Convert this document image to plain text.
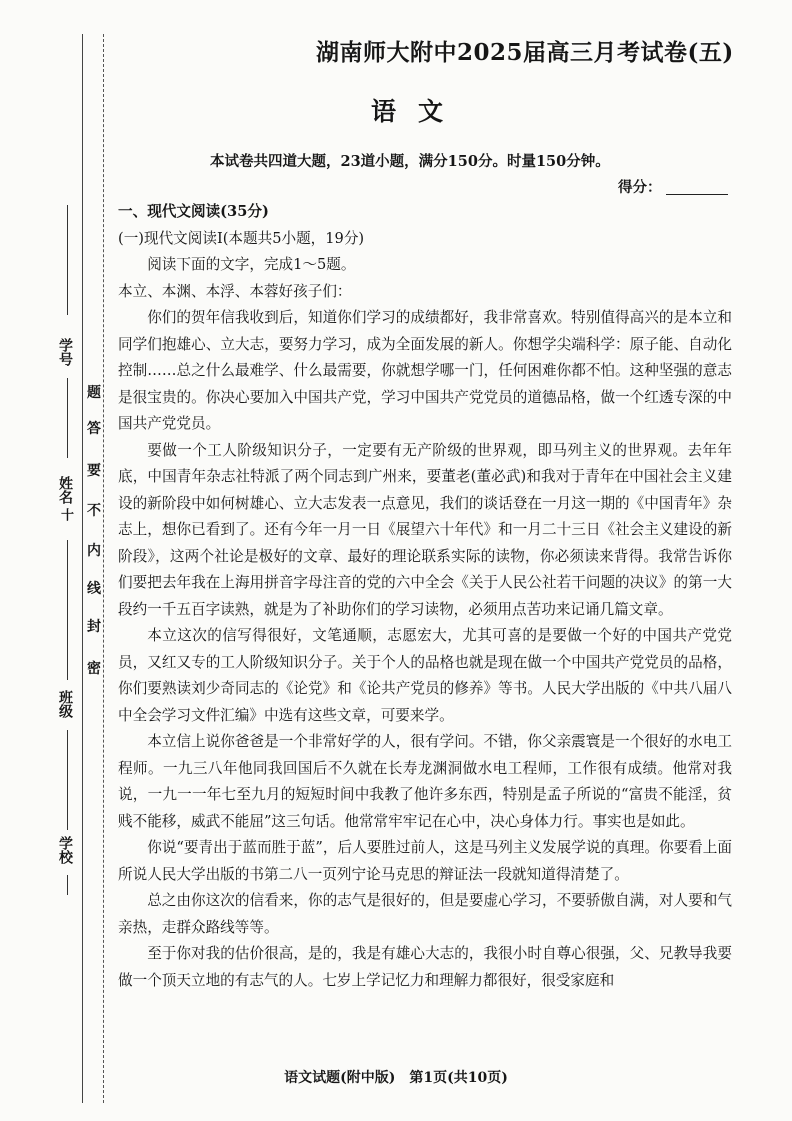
学号
十
姓名
班级
学校
题
答
要
不
内
线
封
密
湖南师大附中2025届高三月考试卷(五)
语文
本试卷共四道大题，23道小题，满分150分。时量150分钟。
得分：

一、现代文阅读(35分)

(一)现代文阅读Ⅰ(本题共5小题，19分)

阅读下面的文字，完成1～5题。

本立、本渊、本浮、本蓉好孩子们：

你们的贺年信我收到后，知道你们学习的成绩都好，我非常喜欢。特别值得高兴的是本立和同学们抱雄心、立大志，要努力学习，成为全面发展的新人。你想学尖端科学：原子能、自动化控制……总之什么最难学、什么最需要，你就想学哪一门，任何困难你都不怕。这种坚强的意志是很宝贵的。你决心要加入中国共产党，学习中国共产党党员的道德品格，做一个红透专深的中国共产党党员。

要做一个工人阶级知识分子，一定要有无产阶级的世界观，即马列主义的世界观。去年年底，中国青年杂志社特派了两个同志到广州来，要董老(董必武)和我对于青年在中国社会主义建设的新阶段中如何树雄心、立大志发表一点意见，我们的谈话登在一月这一期的《中国青年》杂志上，想你已看到了。还有今年一月一日《展望六十年代》和一月二十三日《社会主义建设的新阶段》，这两个社论是极好的文章、最好的理论联系实际的读物，你必须读来背得。我常告诉你们要把去年我在上海用拼音字母注音的党的六中全会《关于人民公社若干问题的决议》的第一大段约一千五百字读熟，就是为了补助你们的学习读物，必须用点苦功来记诵几篇文章。

本立这次的信写得很好，文笔通顺，志愿宏大，尤其可喜的是要做一个好的中国共产党党员，又红又专的工人阶级知识分子。关于个人的品格也就是现在做一个中国共产党党员的品格，你们要熟读刘少奇同志的《论党》和《论共产党员的修养》等书。人民大学出版的《中共八届八中全会学习文件汇编》中选有这些文章，可要来学。

本立信上说你爸爸是一个非常好学的人，很有学问。不错，你父亲震寰是一个很好的水电工程师。一九三八年他同我回国后不久就在长寿龙渊洞做水电工程师，工作很有成绩。他常对我说，一九一一年七至九月的短短时间中我教了他许多东西，特别是孟子所说的“富贵不能淫，贫贱不能移，威武不能屈”这三句话。他常常牢牢记在心中，决心身体力行。事实也是如此。

你说“要青出于蓝而胜于蓝”，后人要胜过前人，这是马列主义发展学说的真理。你要看上面所说人民大学出版的书第二八一页列宁论马克思的辩证法一段就知道得清楚了。

总之由你这次的信看来，你的志气是很好的，但是要虚心学习，不要骄傲自满，对人要和气亲热，走群众路线等等。

至于你对我的估价很高，是的，我是有雄心大志的，我很小时自尊心很强，父、兄教导我要做一个顶天立地的有志气的人。七岁上学记忆力和理解力都很好，很受家庭和

语文试题(附中版)　第1页(共10页)
